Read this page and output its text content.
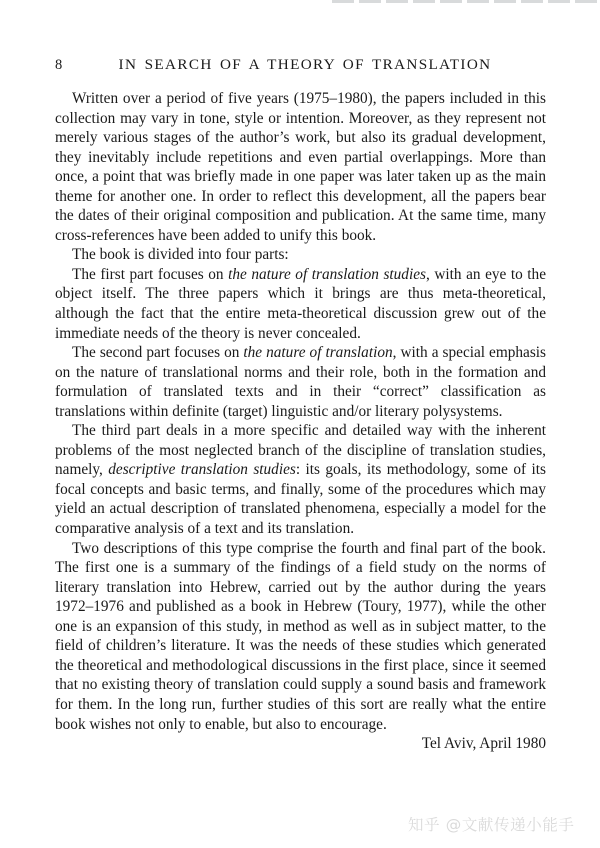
8	IN SEARCH OF A THEORY OF TRANSLATION

Written over a period of five years (1975–1980), the papers included in this collection may vary in tone, style or intention. Moreover, as they represent not merely various stages of the author’s work, but also its gradual development, they inevitably include repetitions and even partial overlappings. More than once, a point that was briefly made in one paper was later taken up as the main theme for another one. In order to reflect this development, all the papers bear the dates of their original composition and publication. At the same time, many cross-references have been added to unify this book.

The book is divided into four parts:

The first part focuses on the nature of translation studies, with an eye to the object itself. The three papers which it brings are thus meta-theoretical, although the fact that the entire meta-theoretical discussion grew out of the immediate needs of the theory is never concealed.

The second part focuses on the nature of translation, with a special emphasis on the nature of translational norms and their role, both in the formation and formulation of translated texts and in their “correct” classification as translations within definite (target) linguistic and/or literary polysystems.

The third part deals in a more specific and detailed way with the inherent problems of the most neglected branch of the discipline of translation studies, namely, descriptive translation studies: its goals, its methodology, some of its focal concepts and basic terms, and finally, some of the procedures which may yield an actual description of translated phenomena, especially a model for the comparative analysis of a text and its translation.

Two descriptions of this type comprise the fourth and final part of the book. The first one is a summary of the findings of a field study on the norms of literary translation into Hebrew, carried out by the author during the years 1972–1976 and published as a book in Hebrew (Toury, 1977), while the other one is an expansion of this study, in method as well as in subject matter, to the field of children’s literature. It was the needs of these studies which generated the theoretical and methodological discussions in the first place, since it seemed that no existing theory of translation could supply a sound basis and framework for them. In the long run, further studies of this sort are really what the entire book wishes not only to enable, but also to encourage.

Tel Aviv, April 1980

知乎 @文献传递小能手
